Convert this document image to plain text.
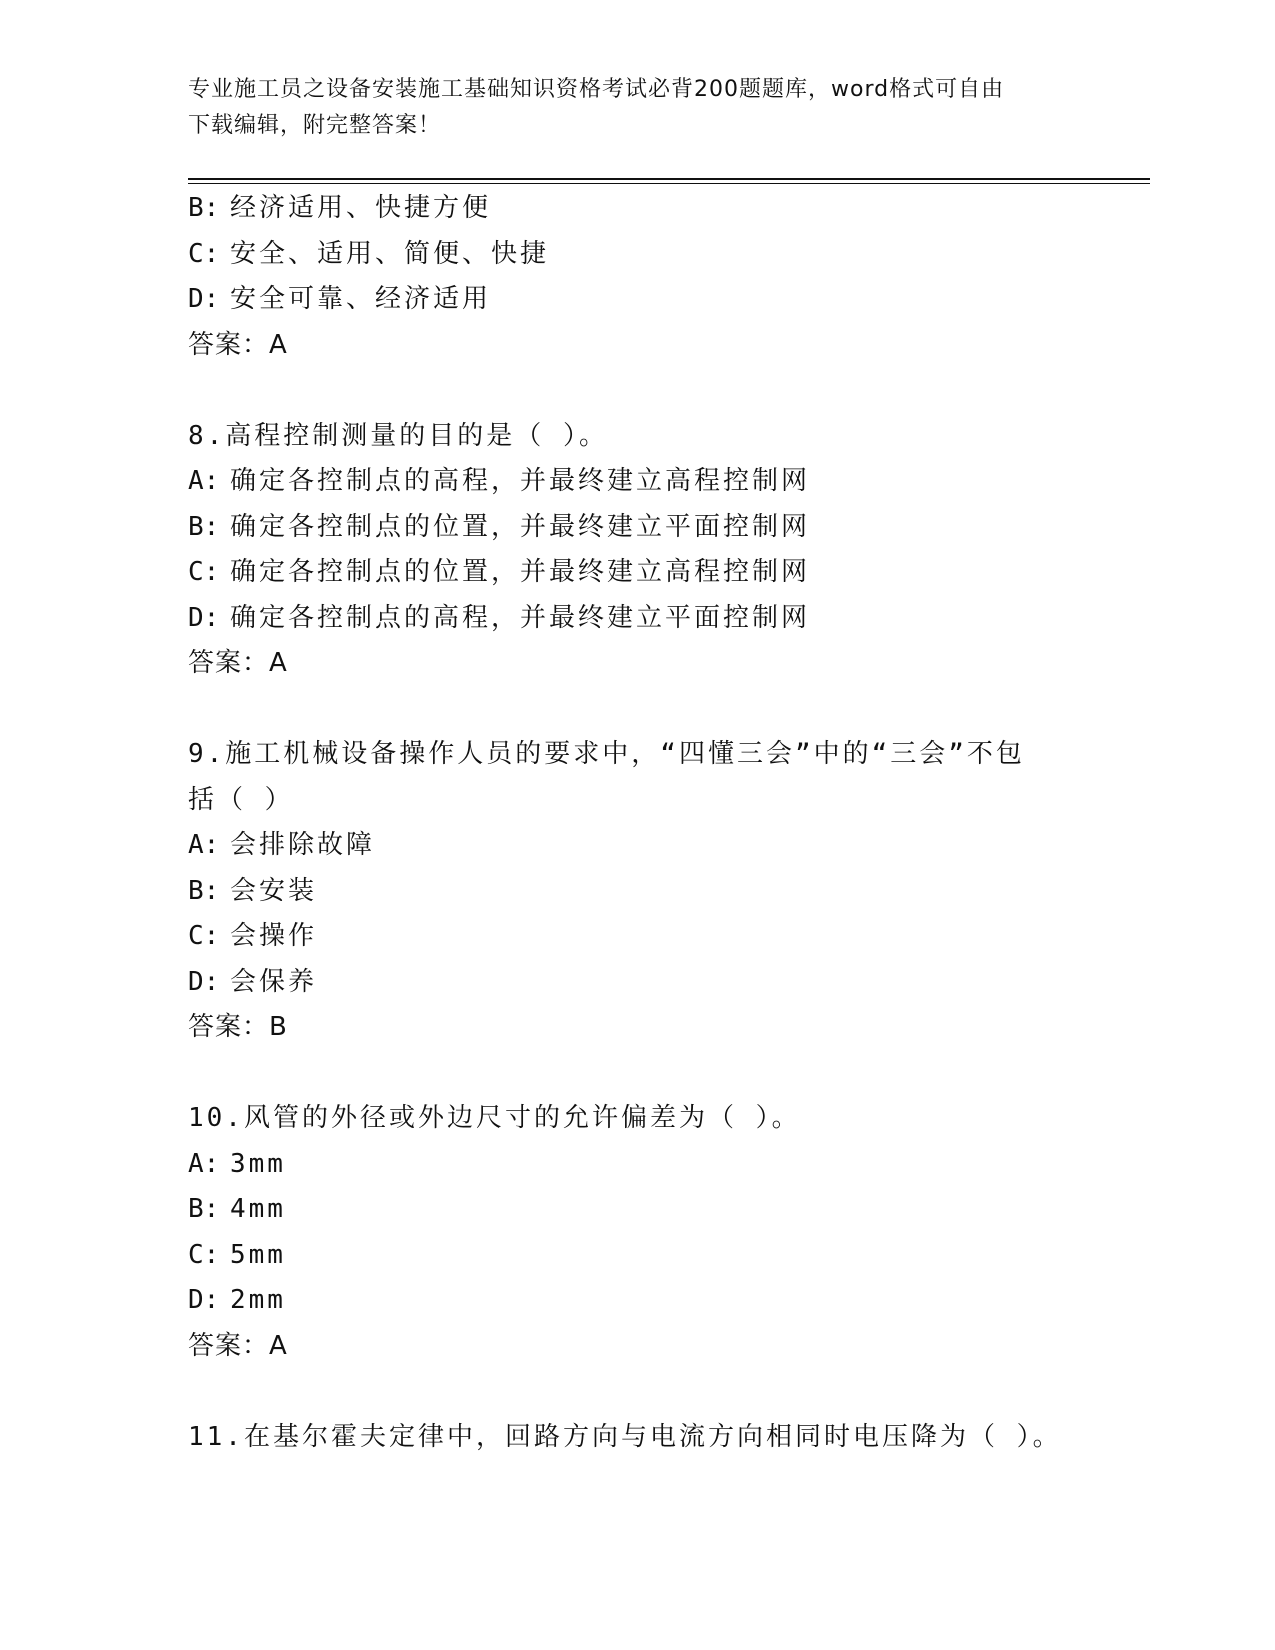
专业施工员之设备安装施工基础知识资格考试必背200题题库，word格式可自由
下载编辑，附完整答案！
B: 经济适用、快捷方便
C: 安全、适用、简便、快捷
D: 安全可靠、经济适用
答案：A
8.高程控制测量的目的是（ ）。
A: 确定各控制点的高程，并最终建立高程控制网
B: 确定各控制点的位置，并最终建立平面控制网
C: 确定各控制点的位置，并最终建立高程控制网
D: 确定各控制点的高程，并最终建立平面控制网
答案：A
9.施工机械设备操作人员的要求中，“四懂三会”中的“三会”不包
括（ ）
A: 会排除故障
B: 会安装
C: 会操作
D: 会保养
答案：B
10.风管的外径或外边尺寸的允许偏差为（ ）。
A: 3mm
B: 4mm
C: 5mm
D: 2mm
答案：A
11.在基尔霍夫定律中，回路方向与电流方向相同时电压降为（ ）。
